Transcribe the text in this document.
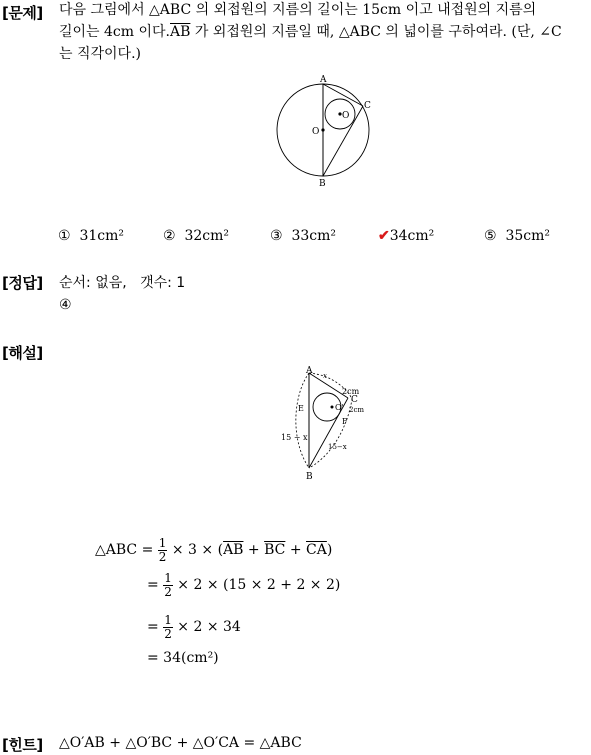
[문제] 다음 그림에서 △ABC 의 외접원의 지름의 길이는 15cm 이고 내접원의 지름의
길이는 4cm 이다$.\overline{AB}$ 가 외접원의 지름일 때, △ABC 의 넓이를 구하여라. (단, ∠C
는 직각이다.)
A
B
C
O
O
① 31cm²	② 32cm²	③ 33cm²	✔34cm²	⑤ 35cm²
[정답] 순서: 없음,   갯수: 1
④
[해설]
A
B
C
E
F
O'
x
2cm
2cm
15 − x
15−x
△ABC =
$\frac{1}{2} \times 3$ × ( $\overline{AB} + \overline{BC} + \overline{CA}$ )
=
$\frac{1}{2} \times 2 \times (15 \times 2 + 2 \times 2)$
=
$\frac{1}{2} \times 2 \times 34$
= 34(cm²)
[힌트] △O′AB + △O′BC + △O′CA = △ABC
